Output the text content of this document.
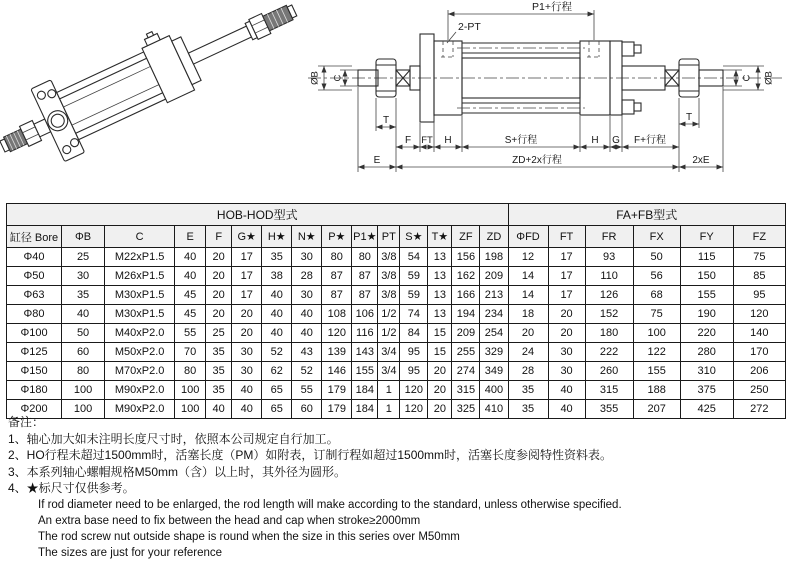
P1+行程
2-PT
ØB C	C ØB
T	T
F FT H	S+行程	H G F+行程
E	ZD+2x行程	2xE
HOB-HOD型式															FA+FB型式					
缸径 Bore	ΦB	C	E	F	G★	H★	N★	P★	P1★	PT	S★	T★	ZF	ZD	ΦFD	FT	FR	FX	FY	FZ
Φ40	25	M22xP1.5	40	20	17	35	30	80	80	3/8	54	13	156	198	12	17	93	50	115	75
Φ50	30	M26xP1.5	40	20	17	38	28	87	87	3/8	59	13	162	209	14	17	110	56	150	85
Φ63	35	M30xP1.5	45	20	17	40	30	87	87	3/8	59	13	166	213	14	17	126	68	155	95
Φ80	40	M30xP1.5	45	20	20	40	40	108	106	1/2	74	13	194	234	18	20	152	75	190	120
Φ100	50	M40xP2.0	55	25	20	40	40	120	116	1/2	84	15	209	254	20	20	180	100	220	140
Φ125	60	M50xP2.0	70	35	30	52	43	139	143	3/4	95	15	255	329	24	30	222	122	280	170
Φ150	80	M70xP2.0	80	35	30	62	52	146	155	3/4	95	20	274	349	28	30	260	155	310	206
Φ180	100	M90xP2.0	100	35	40	65	55	179	184	1	120	20	315	400	35	40	315	188	375	250
Φ200	100	M90xP2.0	100	40	40	65	60	179	184	1	120	20	325	410	35	40	355	207	425	272
备注：
1、轴心加大如未注明长度尺寸时，依照本公司规定自行加工。
2、HO行程未超过1500mm时，活塞长度（PM）如附表，订制行程如超过1500mm时，活塞长度参阅特性资料表。
3、本系列轴心螺帽规格M50mm（含）以上时，其外径为圆形。
4、★标尺寸仅供参考。
If rod diameter need to be enlarged, the rod length will make according to the standard, unless otherwise specified.
An extra base need to fix between the head and cap when stroke≥2000mm
The rod screw nut outside shape is round when the size in this series over M50mm
The sizes are just for your reference
